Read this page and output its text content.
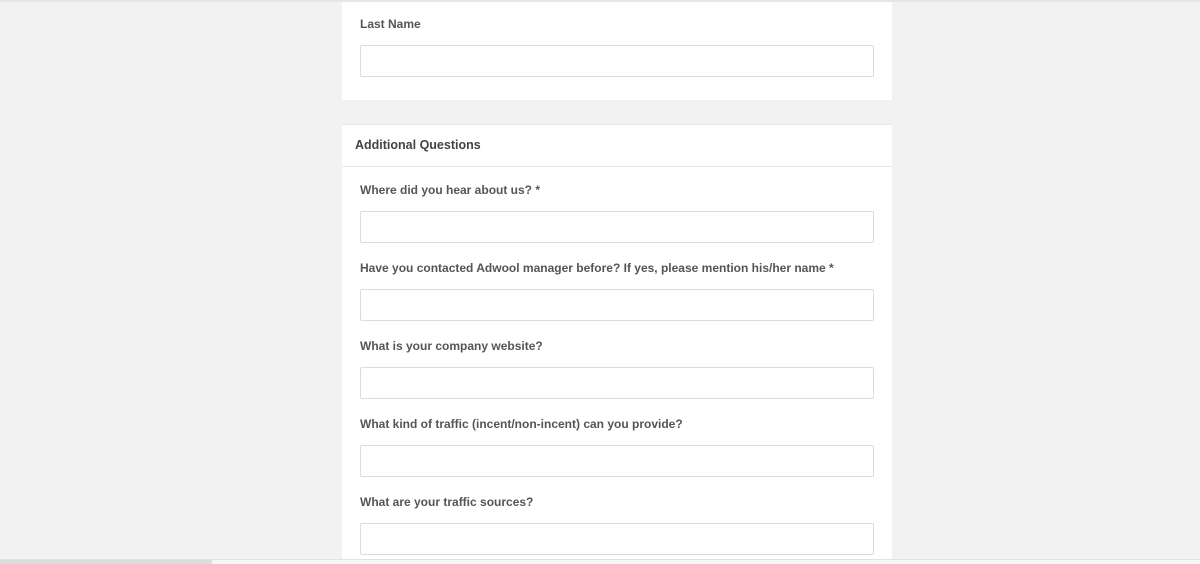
Last Name
Additional Questions
Where did you hear about us? *
Have you contacted Adwool manager before? If yes, please mention his/her name *
What is your company website?
What kind of traffic (incent/non-incent) can you provide?
What are your traffic sources?
